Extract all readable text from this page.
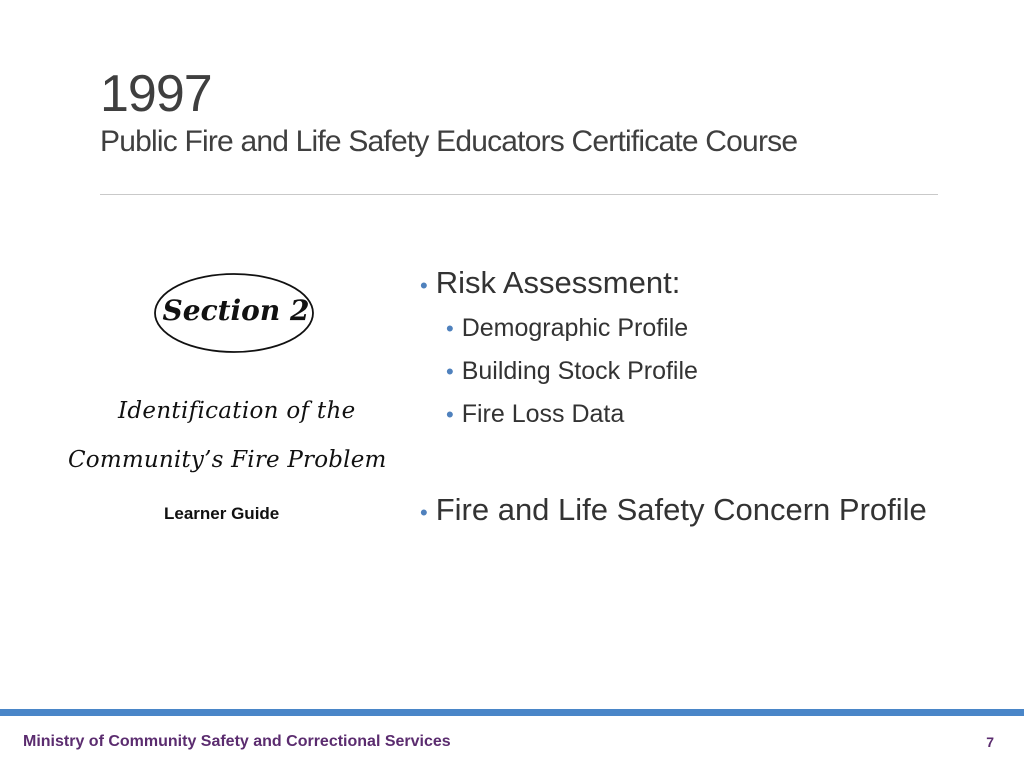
1997
Public Fire and Life Safety Educators Certificate Course
Section 2
Identification of the
Community’s Fire Problem
Learner Guide
• Risk Assessment:
• Demographic Profile
• Building Stock Profile
• Fire Loss Data
• Fire and Life Safety Concern Profile
Ministry of Community Safety and Correctional Services	7
